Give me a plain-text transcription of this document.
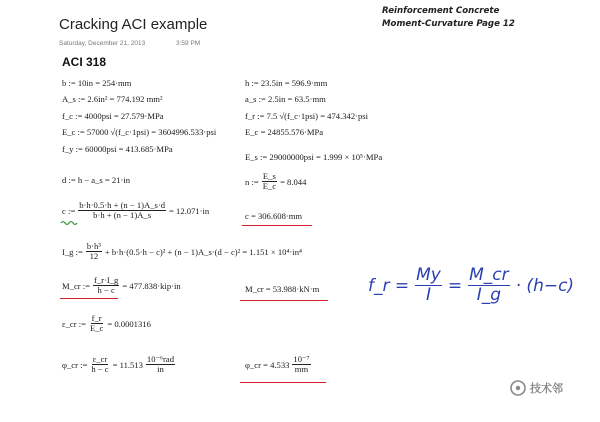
Cracking ACI example
Saturday, December 21, 2013	3:59 PM
Reinforcement Concrete
Moment-Curvature Page 12
ACI 318
b := 10in = 254·mm
A_s := 2.6in² = 774.192 mm²
f_c := 4000psi = 27.579·MPa
E_c := 57000 √(f_c·1psi) = 3604996.533·psi
f_y := 60000psi = 413.685·MPa
d := h − a_s = 21·in
c := $\frac{b\cdot h\cdot 0.5\cdot h + (n - 1)A\_s\cdot d}{b\cdot h + (n - 1)A\_s} = 12.071\cdot in$
I_g := $\frac{\text{b·h³}}{12} + b\cdot h\cdot(0.5\cdot h - c)^2 + (n$ − 1)A_s·(d − c)² = 1.151 × 10⁴·in⁴
M_cr := $\frac{f\_r\cdot I\_g}{h - c} = 477.838\cdot kip\cdot in$
ε_cr := $\frac{f\_r}{E\_c} = 0.0001316$
φ_cr := $\frac{\varepsilon\_cr}{h - c} = 11.513 \frac{\text{10⁻⁶rad}}{in}$
h := 23.5in = 596.9·mm
a_s := 2.5in = 63.5·mm
f_r := 7.5 √(f_c·1psi) = 474.342·psi
E_c = 24855.576·MPa
E_s := 29000000psi = 1.999 × 10⁵·MPa
n := $\frac{E\_s}{E\_c} = 8.044$
c = 306.608·mm
M_cr = 53.988·kN·m
φ_cr = $4.533 \frac{\text{10⁻⁷}}{mm}$
f_r = $\frac{My}{I} = \frac{M\_cr}{I\_g} \cdot (h-c)$
技术邻
